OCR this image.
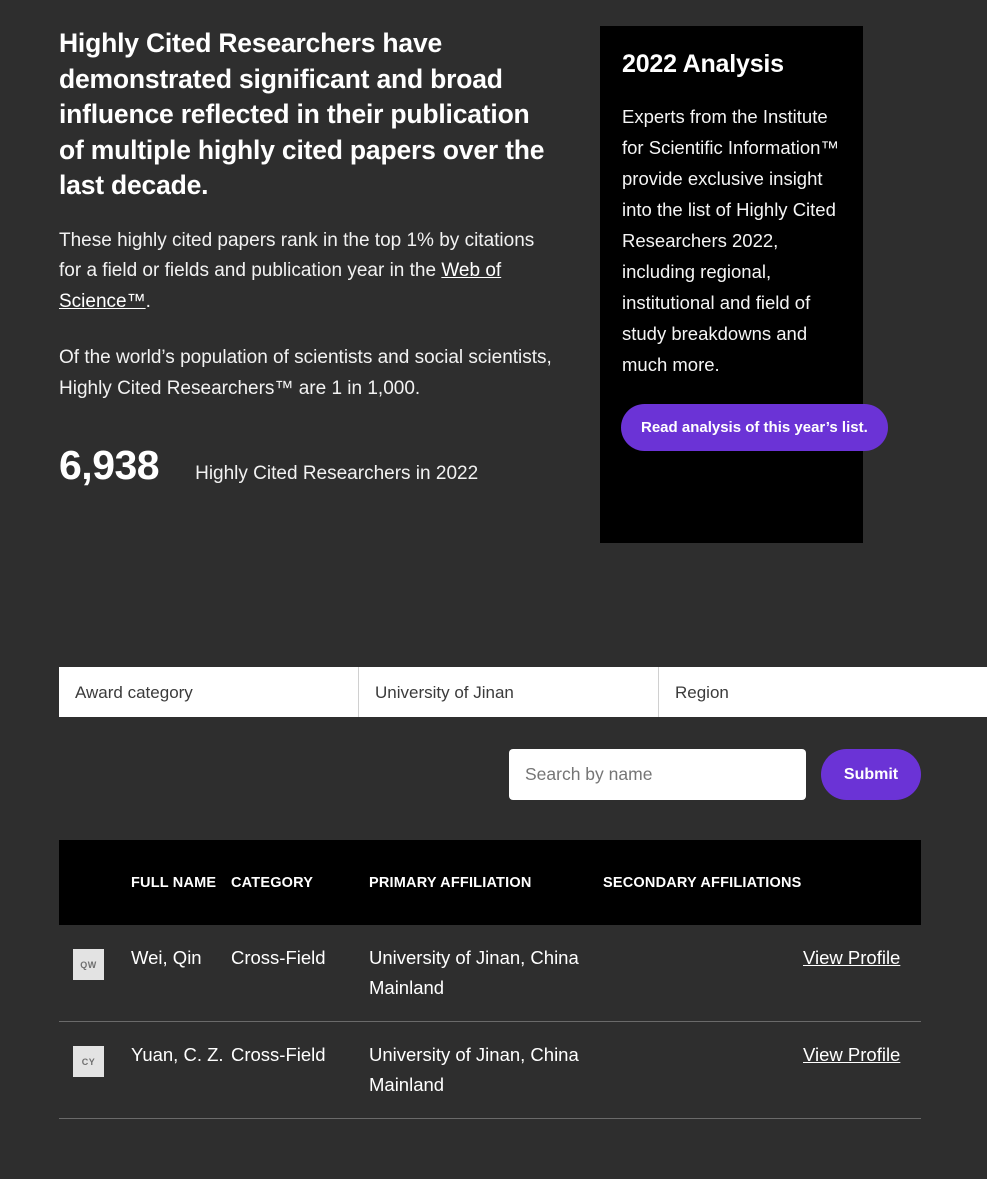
Highly Cited Researchers have demonstrated significant and broad influence reflected in their publication of multiple highly cited papers over the last decade.

These highly cited papers rank in the top 1% by citations for a field or fields and publication year in the Web of Science™.

Of the world’s population of scientists and social scientists, Highly Cited Researchers™ are 1 in 1,000.

6,938 Highly Cited Researchers in 2022
2022 Analysis

Experts from the Institute for Scientific Information™ provide exclusive insight into the list of Highly Cited Researchers 2022, including regional, institutional and field of study breakdowns and much more.

Read analysis of this year’s list.
Award category
University of Jinan
Region
Search by name
Submit
	FULL NAME	CATEGORY	PRIMARY AFFILIATION	SECONDARY AFFILIATIONS	

QW	Wei, Qin	Cross-Field	University of Jinan, China Mainland		View Profile

CY	Yuan, C. Z.	Cross-Field	University of Jinan, China Mainland		View Profile
